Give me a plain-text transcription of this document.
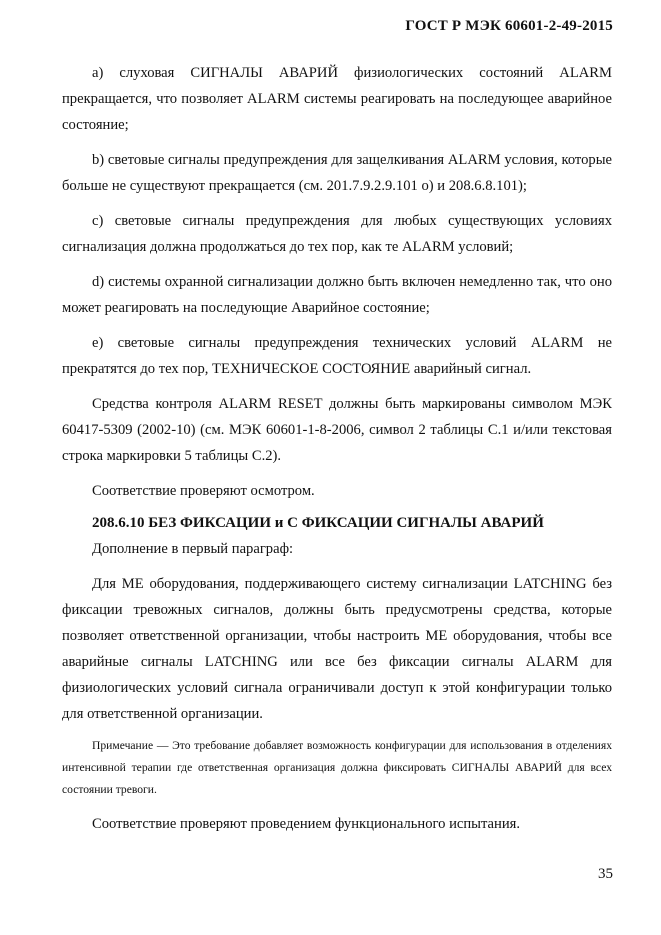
ГОСТ Р МЭК 60601-2-49-2015

а) слуховая СИГНАЛЫ АВАРИЙ физиологических состояний ALARM прекращается, что позволяет ALARM системы реагировать на последующее аварийное состояние;

b) световые сигналы предупреждения для защелкивания ALARM условия, которые больше не существуют прекращается (см. 201.7.9.2.9.101 о) и 208.6.8.101);

с) световые сигналы предупреждения для любых существующих условиях сигнализация должна продолжаться до тех пор, как те ALARM условий;

d) системы охранной сигнализации должно быть включен немедленно так, что оно может реагировать на последующие Аварийное состояние;

е) световые сигналы предупреждения технических условий ALARM не прекратятся до тех пор, ТЕХНИЧЕСКОЕ СОСТОЯНИЕ аварийный сигнал.

Средства контроля ALARM RESET должны быть маркированы символом МЭК 60417-5309 (2002-10) (см. МЭК 60601-1-8-2006, символ 2 таблицы С.1 и/или текстовая строка маркировки 5 таблицы С.2).

Соответствие проверяют осмотром.

208.6.10 БЕЗ ФИКСАЦИИ и С ФИКСАЦИИ СИГНАЛЫ АВАРИЙ

Дополнение в первый параграф:

Для МЕ оборудования, поддерживающего систему сигнализации LATCHING без фиксации тревожных сигналов, должны быть предусмотрены средства, которые позволяет ответственной организации, чтобы настроить МЕ оборудования, чтобы все аварийные сигналы LATCHING или все без фиксации сигналы ALARM для физиологических условий сигнала ограничивали доступ к этой конфигурации только для ответственной организации.

Примечание — Это требование добавляет возможность конфигурации для использования в отделениях интенсивной терапии где ответственная организация должна фиксировать СИГНАЛЫ АВАРИЙ для всех состоянии тревоги.

Соответствие проверяют проведением функционального испытания.

35
